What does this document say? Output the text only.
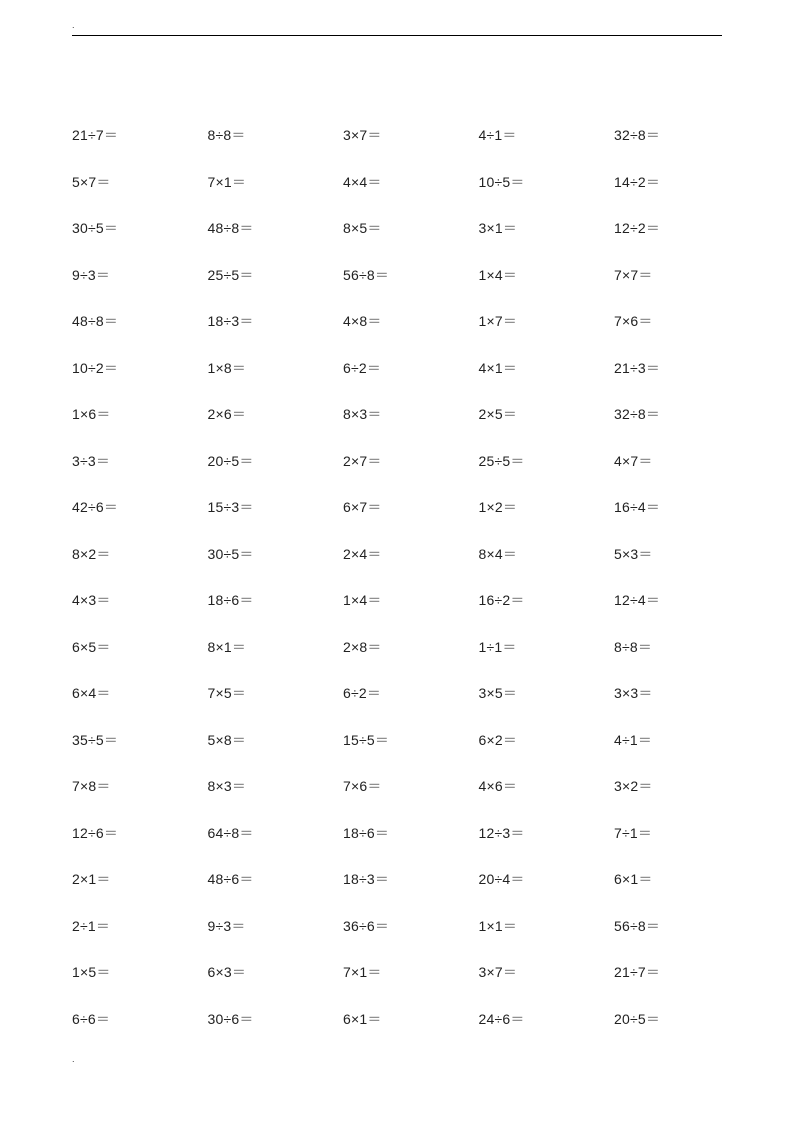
.
21÷7＝	8÷8＝	3×7＝	4÷1＝	32÷8＝
5×7＝	7×1＝	4×4＝	10÷5＝	14÷2＝
30÷5＝	48÷8＝	8×5＝	3×1＝	12÷2＝
9÷3＝	25÷5＝	56÷8＝	1×4＝	7×7＝
48÷8＝	18÷3＝	4×8＝	1×7＝	7×6＝
10÷2＝	1×8＝	6÷2＝	4×1＝	21÷3＝
1×6＝	2×6＝	8×3＝	2×5＝	32÷8＝
3÷3＝	20÷5＝	2×7＝	25÷5＝	4×7＝
42÷6＝	15÷3＝	6×7＝	1×2＝	16÷4＝
8×2＝	30÷5＝	2×4＝	8×4＝	5×3＝
4×3＝	18÷6＝	1×4＝	16÷2＝	12÷4＝
6×5＝	8×1＝	2×8＝	1÷1＝	8÷8＝
6×4＝	7×5＝	6÷2＝	3×5＝	3×3＝
35÷5＝	5×8＝	15÷5＝	6×2＝	4÷1＝
7×8＝	8×3＝	7×6＝	4×6＝	3×2＝
12÷6＝	64÷8＝	18÷6＝	12÷3＝	7÷1＝
2×1＝	48÷6＝	18÷3＝	20÷4＝	6×1＝
2÷1＝	9÷3＝	36÷6＝	1×1＝	56÷8＝
1×5＝	6×3＝	7×1＝	3×7＝	21÷7＝
6÷6＝	30÷6＝	6×1＝	24÷6＝	20÷5＝
.
